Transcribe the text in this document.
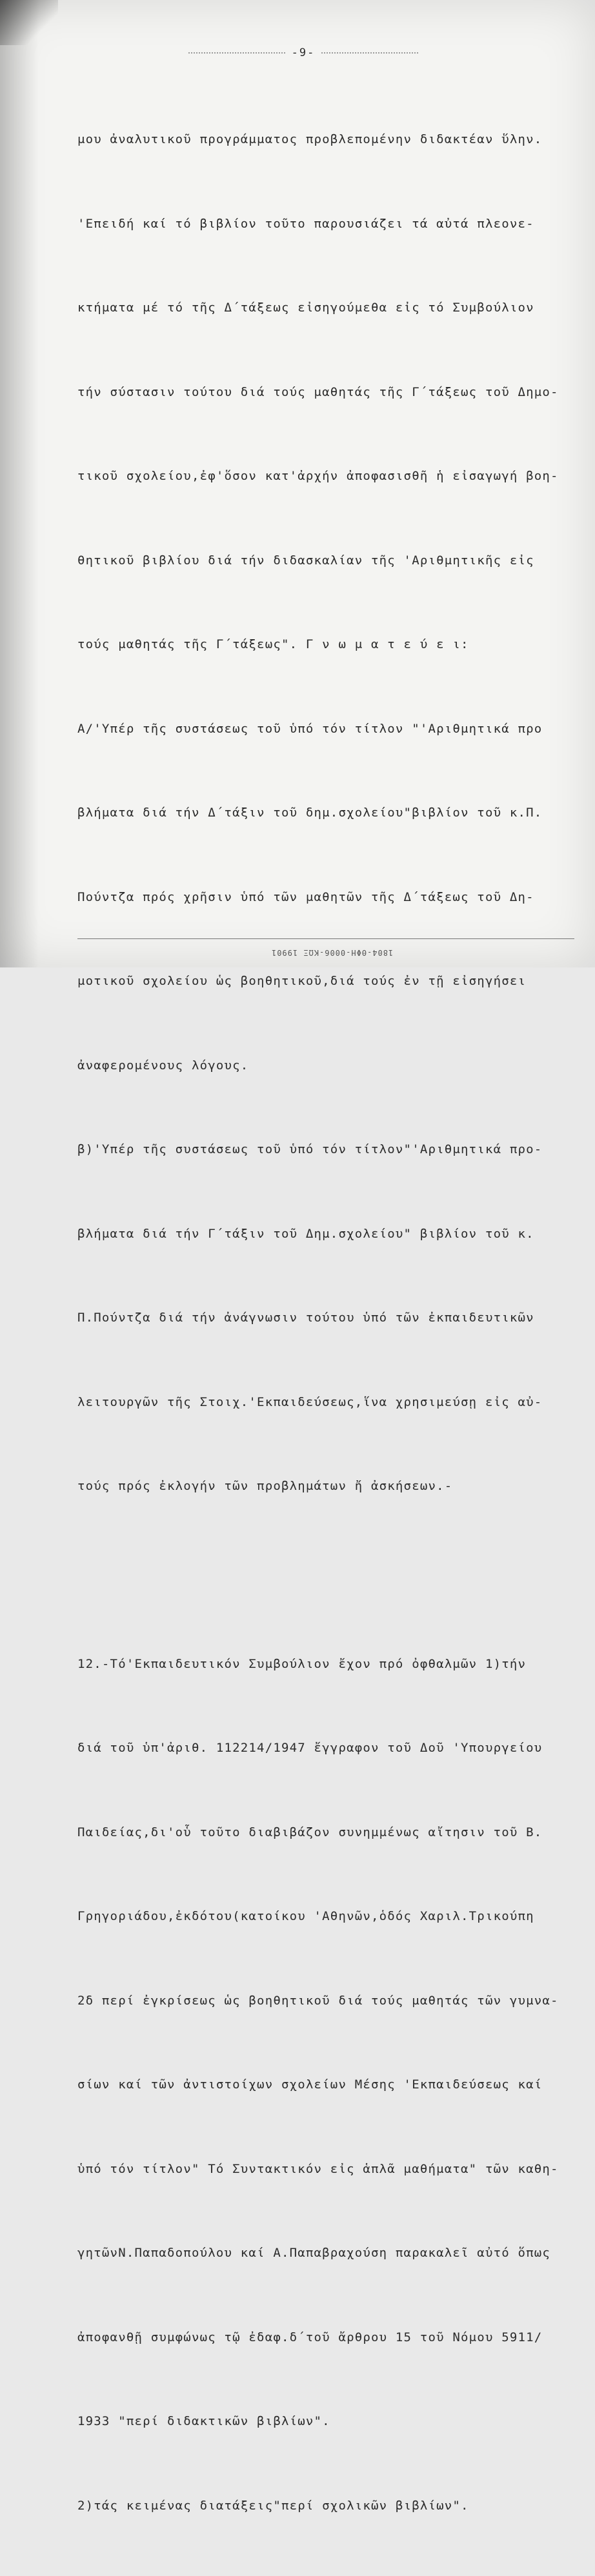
-9-

μου ἀναλυτικοῦ προγράμματος προβλεπομένην διδακτέαν ὕλην.

'Επειδή καί τό βιβλίον τοῦτο παρουσιάζει τά αὐτά πλεονε-

κτήματα μέ τό τῆς Δ΄τάξεως εἰσηγούμεθα εἰς τό Συμβούλιον

τήν σύστασιν τούτου διά τούς μαθητάς τῆς Γ΄τάξεως τοῦ Δημο-

τικοῦ σχολείου,ἐφ'ὅσον κατ'ἀρχήν ἀποφασισθῆ ἡ εἰσαγωγή βοη-

θητικοῦ βιβλίου διά τήν διδασκαλίαν τῆς 'Αριθμητικῆς εἰς

τούς μαθητάς τῆς Γ΄τάξεως". Γ ν ω μ α τ ε ύ ε ι:

Α/'Υπέρ τῆς συστάσεως τοῦ ὑπό τόν τίτλον "'Αριθμητικά προ

βλήματα διά τήν Δ΄τάξιν τοῦ δημ.σχολείου"βιβλίον τοῦ κ.Π.

Πούντζα πρός χρῆσιν ὑπό τῶν μαθητῶν τῆς Δ΄τάξεως τοῦ Δη-

μοτικοῦ σχολείου ὡς βοηθητικοῦ,διά τούς ἐν τῇ εἰσηγήσει

ἀναφερομένους λόγους.

β)'Υπέρ τῆς συστάσεως τοῦ ὑπό τόν τίτλον"'Αριθμητικά προ-

βλήματα διά τήν Γ΄τάξιν τοῦ Δημ.σχολείου" βιβλίον τοῦ κ.

Π.Πούντζα διά τήν ἀνάγνωσιν τούτου ὑπό τῶν ἐκπαιδευτικῶν

λειτουργῶν τῆς Στοιχ.'Εκπαιδεύσεως,ἵνα χρησιμεύσῃ εἰς αὐ-

τούς πρός ἐκλογήν τῶν προβλημάτων ἤ ἀσκήσεων.-

12.-Τό'Εκπαιδευτικόν Συμβούλιον ἔχον πρό ὀφθαλμῶν 1)τήν

διά τοῦ ὑπ'ἀριθ. 112214/1947 ἔγγραφον τοῦ Δοῦ 'Υπουργείου

Παιδείας,δι'οὗ τοῦτο διαβιβάζον συνημμένως αἴτησιν τοῦ Β.

Γρηγοριάδου,ἐκδότου(κατοίκου 'Αθηνῶν,ὁδός Χαριλ.Τρικούπη

2δ περί ἐγκρίσεως ὡς βοηθητικοῦ διά τούς μαθητάς τῶν γυμνα-

σίων καί τῶν ἀντιστοίχων σχολείων Μέσης 'Εκπαιδεύσεως καί

ὑπό τόν τίτλον" Τό Συντακτικόν εἰς ἁπλᾶ μαθήματα" τῶν καθη-

γητῶνΝ.Παπαδοπούλου καί Α.Παπαβραχούση παρακαλεῖ αὐτό ὅπως

ἀποφανθῇ συμφώνως τῷ ἐδαφ.δ΄τοῦ ἄρθρου 15 τοῦ Νόμου 5911/

1933 "περί διδακτικῶν βιβλίων".

2)τάς κειμένας διατάξεις"περί σχολικῶν βιβλίων".

1804-ΘΦΗ-0006-ΚΩΞ 19901
